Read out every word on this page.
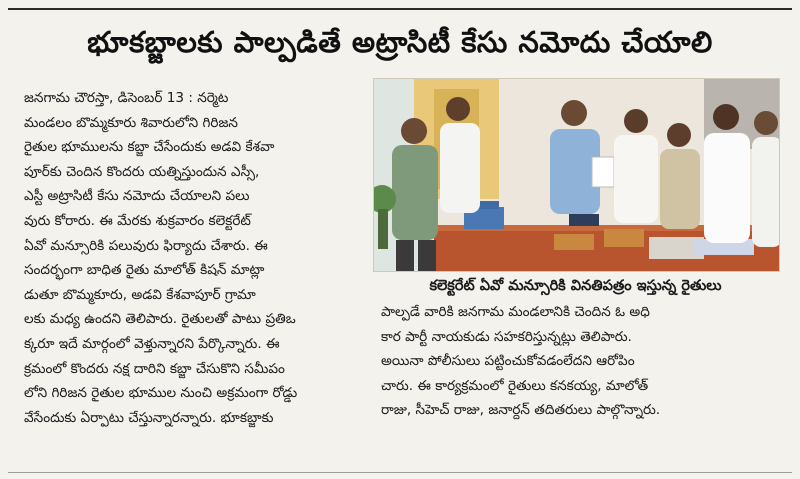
భూకబ్జాలకు పాల్పడితే అట్రాసిటీ కేసు నమోదు చేయాలి

జనగామ చౌరస్తా, డిసెంబర్ 13 : నర్మెట

మండలం బొమ్మకూరు శివారులోని గిరిజన

రైతుల భూములను కబ్జా చేసేందుకు అడవి కేశవా

పూర్‌కు చెందిన కొందరు యత్నిస్తుందున ఎస్సీ,

ఎస్టీ అట్రాసిటీ కేసు నమోదు చేయాలని పలు

వురు కోరారు. ఈ మేరకు శుక్రవారం కలెక్టరేట్

ఏవో మన్సూరికి పలువురు ఫిర్యాదు చేశారు. ఈ

సందర్భంగా బాధిత రైతు మాలోత్ కిషన్ మాట్లా

డుతూ బొమ్మకూరు, అడవి కేశవాపూర్ గ్రామా

లకు మధ్య ఉందని తెలిపారు. రైతులతో పాటు ప్రతిఒ

క్కరూ ఇదే మార్గంలో వెళ్తున్నారని పేర్కొన్నారు. ఈ

క్రమంలో కొందరు నక్ష దారిని కబ్జా చేసుకొని సమీపం

లోని గిరిజన రైతుల భూముల నుంచి అక్రమంగా రోడ్డు

వేసేందుకు ఏర్పాటు చేస్తున్నారన్నారు. భూకబ్జాకు

కలెక్టరేట్ ఏవో మన్సూరికి వినతిపత్రం ఇస్తున్న రైతులు

పాల్పడే వారికి జనగామ మండలానికి చెందిన ఓ అధి

కార పార్టీ నాయకుడు సహకరిస్తున్నట్లు తెలిపారు.

అయినా పోలీసులు పట్టించుకోవడంలేదని ఆరోపిం

చారు. ఈ కార్యక్రమంలో రైతులు కనకయ్య, మాలోత్

రాజు, సీహెచ్ రాజు, జనార్దన్ తదితరులు పాల్గొన్నారు.
